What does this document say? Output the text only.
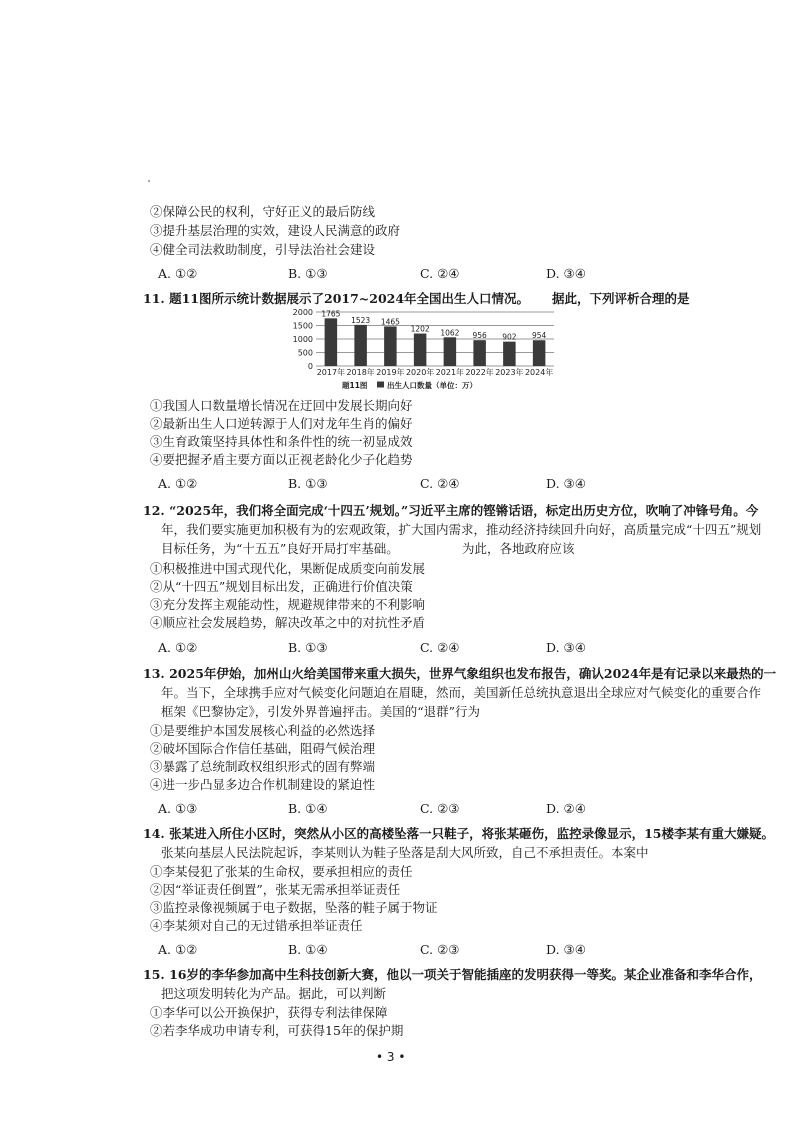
②保障公民的权利，守好正义的最后防线
③提升基层治理的实效，建设人民满意的政府
④健全司法救助制度，引导法治社会建设
A. ①②	B. ①③	C. ②④	D. ③④
11. 题11图所示统计数据展示了2017~2024年全国出生人口情况。 据此，下列评析合理的是
0
500
1000
1500
2000 1765
2017年
1523
2018年
1465
2019年
1202
2020年
1062
2021年
956
2022年
902
2023年
954
2024年
题11图	出生人口数量（单位：万）
①我国人口数量增长情况在迂回中发展长期向好
②最新出生人口逆转源于人们对龙年生肖的偏好
③生育政策坚持具体性和条件性的统一初显成效
④要把握矛盾主要方面以正视老龄化少子化趋势
A. ①②	B. ①③	C. ②④	D. ③④
12. “2025年，我们将全面完成‘十四五’规划。”习近平主席的铿锵话语，标定出历史方位，吹响了冲锋号角。今
年，我们要实施更加积极有为的宏观政策，扩大国内需求，推动经济持续回升向好，高质量完成“十四五”规划
目标任务，为“十五五”良好开局打牢基础。	为此，各地政府应该
①积极推进中国式现代化，果断促成质变向前发展
②从“十四五”规划目标出发，正确进行价值决策
③充分发挥主观能动性，规避规律带来的不利影响
④顺应社会发展趋势，解决改革之中的对抗性矛盾
A. ①②	B. ①③	C. ②④	D. ③④
13. 2025年伊始，加州山火给美国带来重大损失，世界气象组织也发布报告，确认2024年是有记录以来最热的一
年。当下，全球携手应对气候变化问题迫在眉睫，然而，美国新任总统执意退出全球应对气候变化的重要合作
框架《巴黎协定》，引发外界普遍抨击。美国的“退群”行为
①是要维护本国发展核心利益的必然选择
②破坏国际合作信任基础，阻碍气候治理
③暴露了总统制政权组织形式的固有弊端
④进一步凸显多边合作机制建设的紧迫性
A. ①③	B. ①④	C. ②③	D. ②④
14. 张某进入所住小区时，突然从小区的高楼坠落一只鞋子，将张某砸伤，监控录像显示，15楼李某有重大嫌疑。
张某向基层人民法院起诉，李某则认为鞋子坠落是刮大风所致，自己不承担责任。本案中
①李某侵犯了张某的生命权，要承担相应的责任
②因“举证责任倒置”，张某无需承担举证责任
③监控录像视频属于电子数据，坠落的鞋子属于物证
④李某须对自己的无过错承担举证责任
A. ①②	B. ①④	C. ②③	D. ③④
15. 16岁的李华参加高中生科技创新大赛，他以一项关于智能插座的发明获得一等奖。某企业准备和李华合作，
把这项发明转化为产品。据此，可以判断
①李华可以公开换保护，获得专利法律保障
②若李华成功申请专利，可获得15年的保护期
• 3 •
